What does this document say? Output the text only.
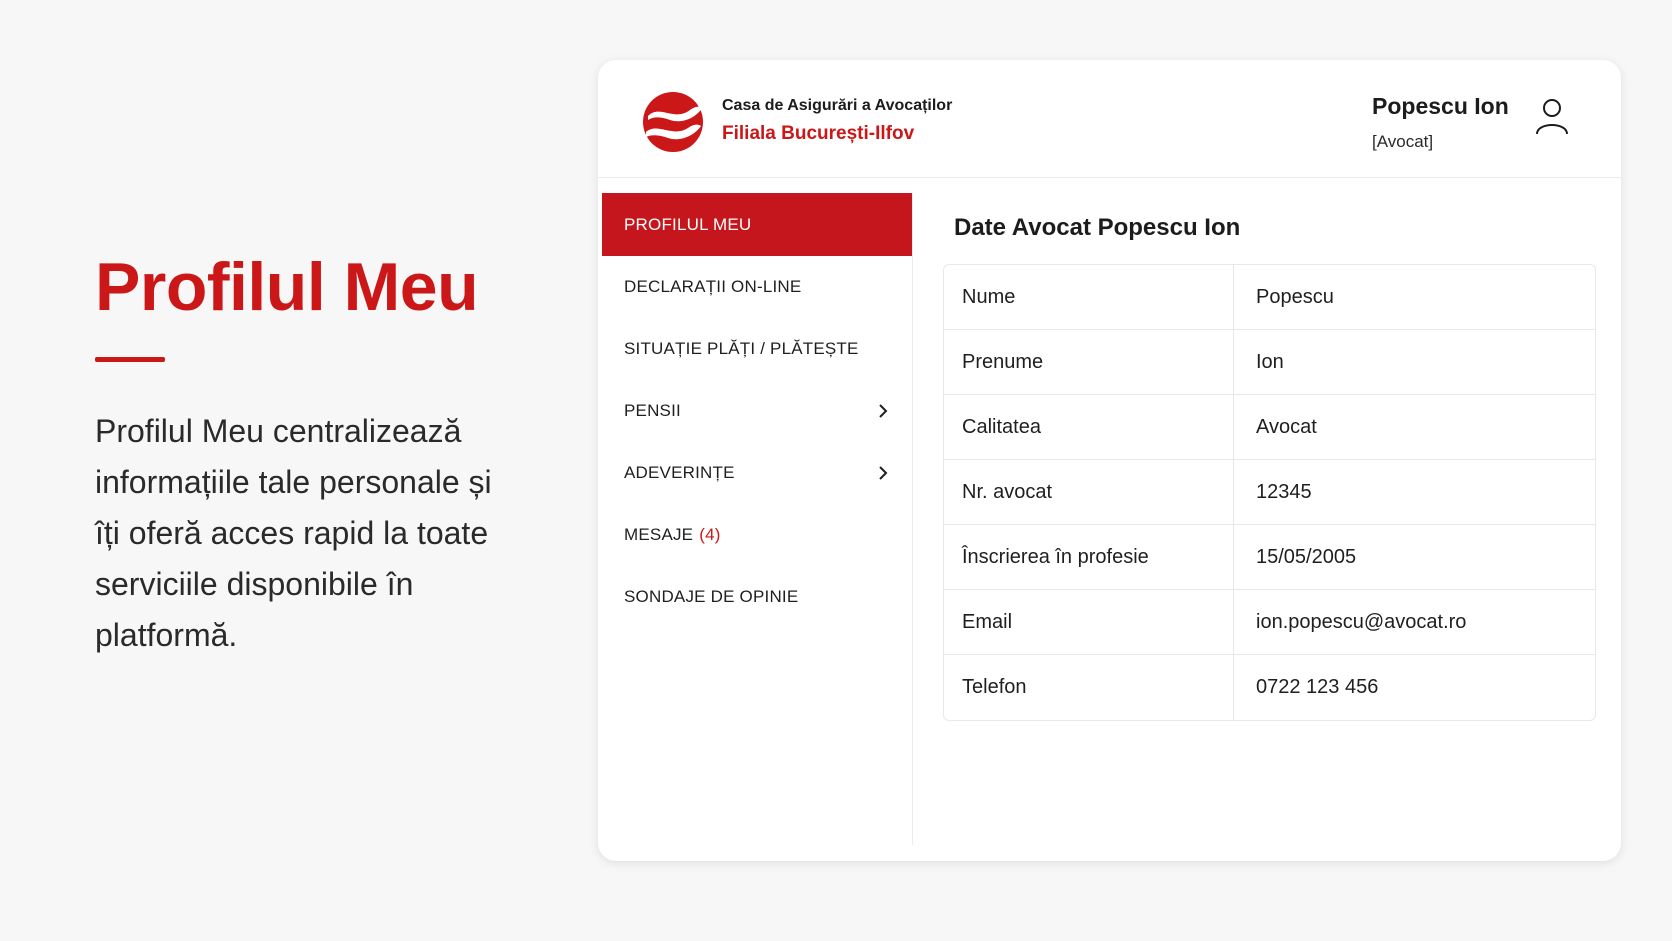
Profilul Meu

Profilul Meu centralizează informațiile tale personale și îți oferă acces rapid la toate serviciile disponibile în platformă.

Casa de Asigurări a Avocaților
Filiala București-Ilfov
Popescu Ion
[Avocat]
PROFILUL MEU
DECLARAȚII ON-LINE
SITUAȚIE PLĂȚI / PLĂTEȘTE
PENSII
ADEVERINȚE
MESAJE (4)
SONDAJE DE OPINIE
Date Avocat Popescu Ion
Nume	Popescu
Prenume	Ion
Calitatea	Avocat
Nr. avocat	12345
Înscrierea în profesie	15/05/2005
Email	ion.popescu@avocat.ro
Telefon	0722 123 456
